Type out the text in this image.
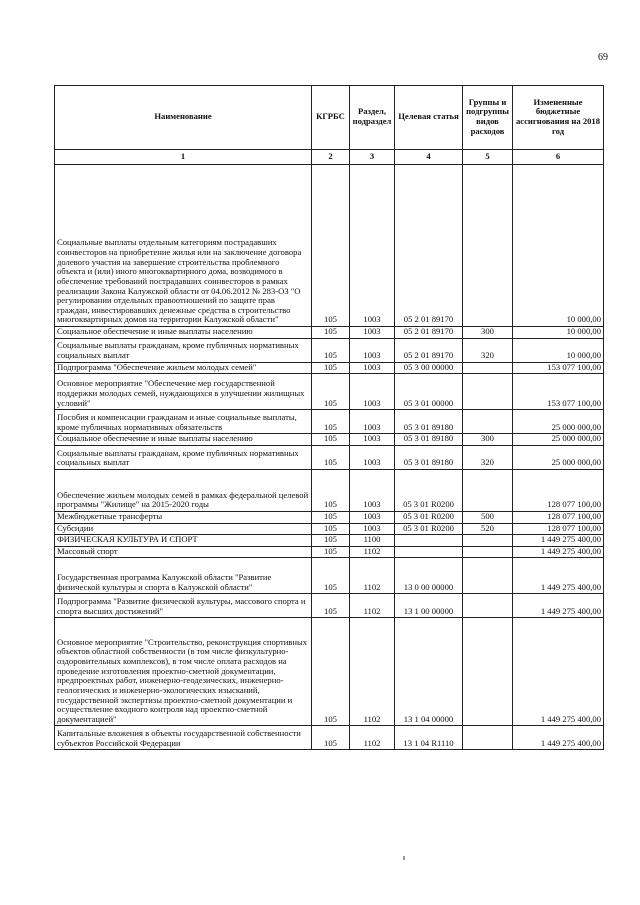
69
Наименование	КГРБС	Раздел, подраздел	Целевая статья	Группы и подгруппы видов расходов	Измененные бюджетные ассигнования на 2018 год
1	2	3	4	5	6
Социальные выплаты отдельным категориям пострадавших соинвесторов на приобретение жилья или на заключение договора долевого участия на завершение строительства проблемного объекта и (или) иного многоквартирного дома, возводимого в обеспечение требований пострадавших соинвесторов в рамках реализации Закона Калужской области от 04.06.2012 № 283-ОЗ "О регулировании отдельных правоотношений по защите прав граждан, инвестировавших денежные средства в строительство многоквартирных домов на территории Калужской области"	105	1003	05 2 01 89170		10 000,00
Социальное обеспечение и иные выплаты населению	105	1003	05 2 01 89170	300	10 000,00
Социальные выплаты гражданам, кроме публичных нормативных социальных выплат	105	1003	05 2 01 89170	320	10 000,00
Подпрограмма "Обеспечение жильем молодых семей"	105	1003	05 3 00 00000		153 077 100,00
Основное мероприятие "Обеспечение мер государственной поддержки молодых семей, нуждающихся в улучшении жилищных условий"	105	1003	05 3 01 00000		153 077 100,00
Пособия и компенсации гражданам и иные социальные выплаты, кроме публичных нормативных обязательств	105	1003	05 3 01 89180		25 000 000,00
Социальное обеспечение и иные выплаты населению	105	1003	05 3 01 89180	300	25 000 000,00
Социальные выплаты гражданам, кроме публичных нормативных социальных выплат	105	1003	05 3 01 89180	320	25 000 000,00
Обеспечение жильем молодых семей в рамках федеральной целевой программы "Жилище" на 2015-2020 годы	105	1003	05 3 01 R0200		128 077 100,00
Межбюджетные трансферты	105	1003	05 3 01 R0200	500	128 077 100,00
Субсидии	105	1003	05 3 01 R0200	520	128 077 100,00
ФИЗИЧЕСКАЯ КУЛЬТУРА И СПОРТ	105	1100			1 449 275 400,00
Массовый спорт	105	1102			1 449 275 400,00
Государственная программа Калужской области "Развитие физической культуры и спорта в Калужской области"	105	1102	13 0 00 00000		1 449 275 400,00
Подпрограмма "Развитие физической культуры, массового спорта и спорта высших достижений"	105	1102	13 1 00 00000		1 449 275 400,00
Основное мероприятие "Строительство, реконструкция спортивных объектов областной собственности (в том числе физкультурно-оздоровительных комплексов), в том числе оплата расходов на проведение изготовления проектно-сметной документации, предпроектных работ, инженерно-геодезических, инженерно-геологических и инженерно-экологических изысканий, государственной экспертизы проектно-сметной документации и осуществление входного контроля над проектно-сметной документацией"	105	1102	13 1 04 00000		1 449 275 400,00
Капитальные вложения в объекты государственной собственности субъектов Российской Федерации	105	1102	13 1 04 R1110		1 449 275 400,00
